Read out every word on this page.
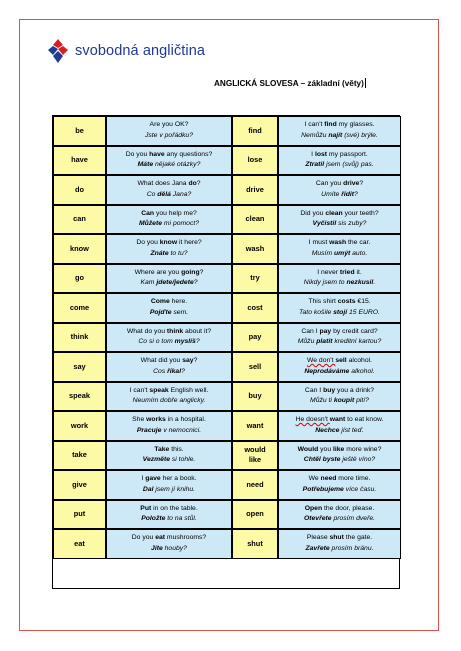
svobodná angličtina
ANGLICKÁ SLOVESA – základní (věty)
be
Are you OK?
Jste v pořádku?
find
I can't find my glasses.
Nemůžu najít (své) brýle.
have
Do you have any questions?
Máte nějaké otázky?
lose
I lost my passport.
Ztratil jsem (svůj) pas.
do
What does Jana do?
Co dělá Jana?
drive
Can you drive?
Umíte řídit?
can
Can you help me?
Můžete mi pomoct?
clean
Did you clean your teeth?
Vyčistil sis zuby?
know
Do you know it here?
Znáte to tu?
wash
I must wash the car.
Musím umýt auto.
go
Where are you going?
Kam jdete/jedete?
try
I never tried it.
Nikdy jsem to nezkusil.
come
Come here.
Pojďte sem.
cost
This shirt costs €15.
Tato košile stojí 15 EURO.
think
What do you think about it?
Co si o tom myslíš?
pay
Can I pay by credit card?
Můžu platit kreditní kartou?
say
What did you say?
Cos říkal?
sell
We don't sell alcohol.
Neprodáváme alkohol.
speak
I can't speak English well.
Neumím dobře anglicky.
buy
Can I buy you a drink?
Můžu ti koupit pití?
work
She works in a hospital.
Pracuje v nemocnici.
want
He doesn't want to eat know.
Nechce jíst teď.
take
Take this.
Vezměte si tohle.
would
like
Would you like more wine?
Chtěl byste ještě víno?
give
I gave her a book.
Dal jsem jí knihu.
need
We need more time.
Potřebujeme více času.
put
Put in on the table.
Položte to na stůl.
open
Open the door, please.
Otevřete prosím dveře.
eat
Do you eat mushrooms?
Jíte houby?
shut
Please shut the gate.
Zavřete prosím bránu.
